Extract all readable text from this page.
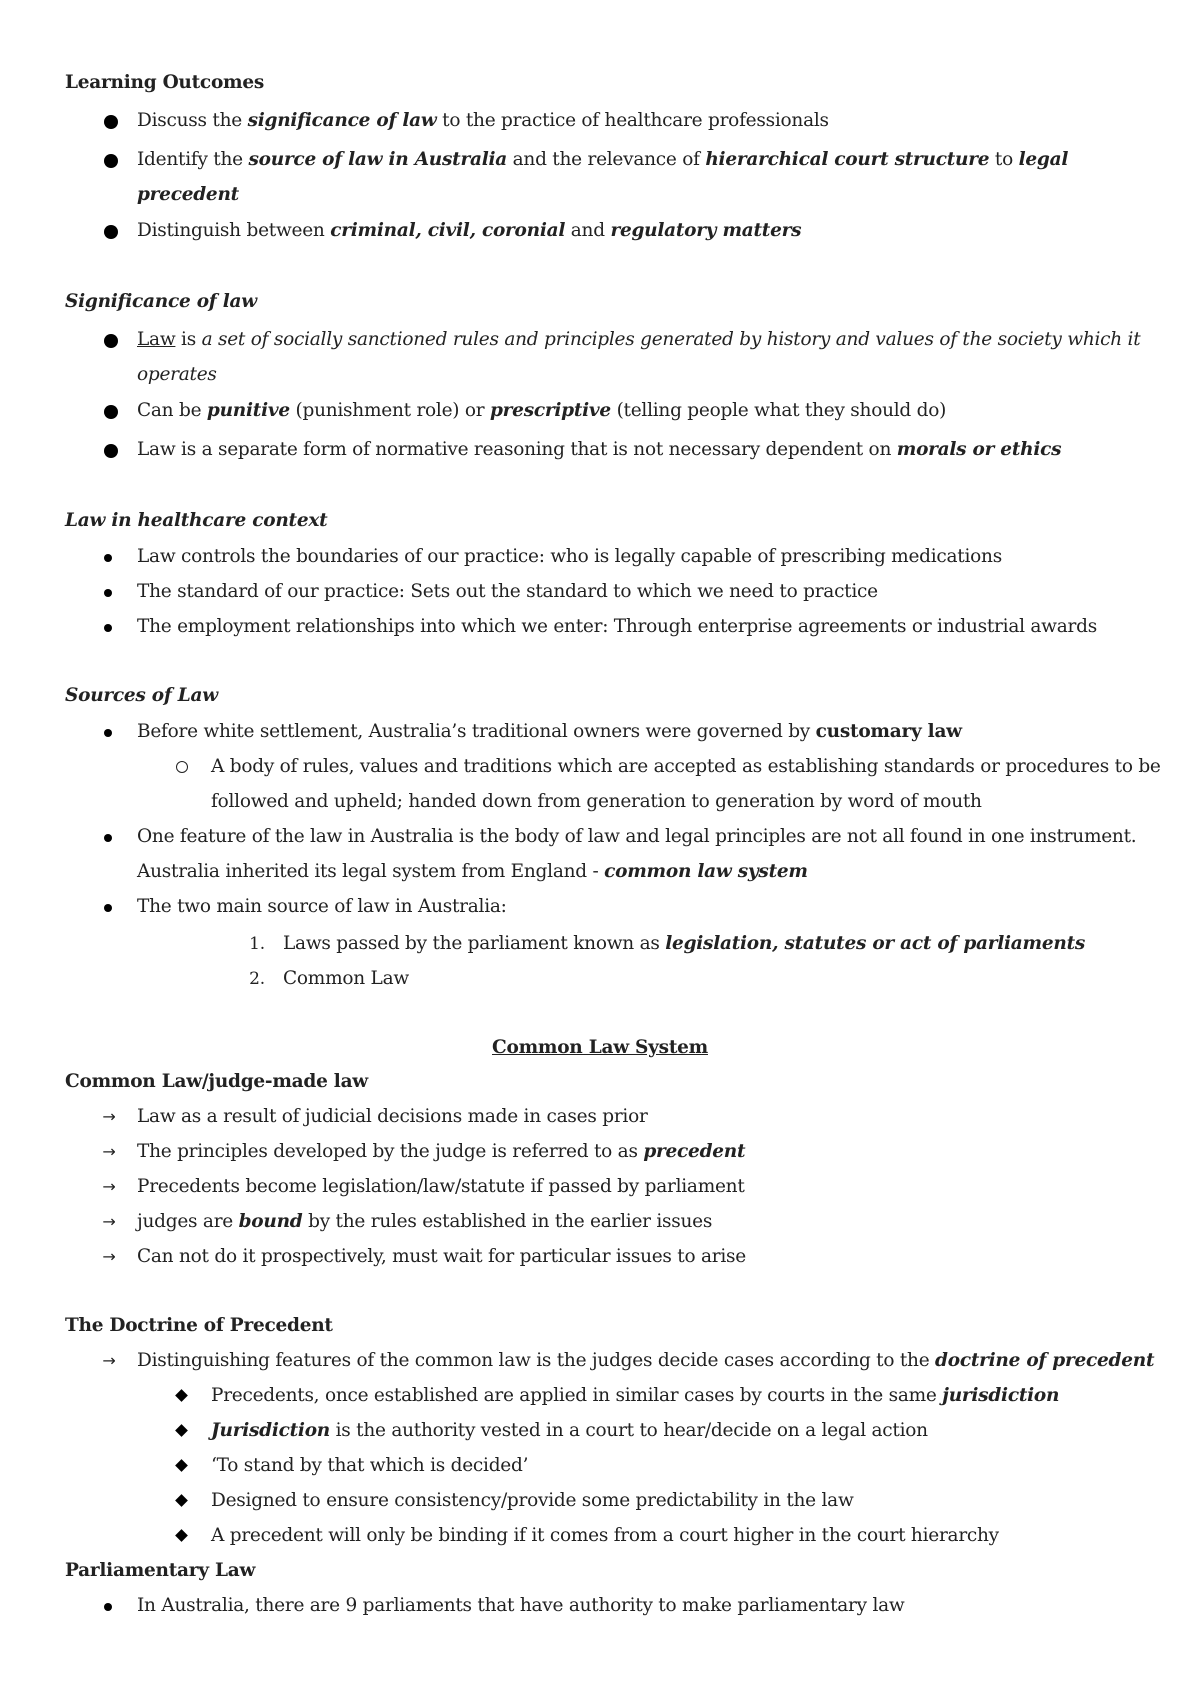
Learning Outcomes
Discuss the significance of law to the practice of healthcare professionals
Identify the source of law in Australia and the relevance of hierarchical court structure to legal
precedent
Distinguish between criminal, civil, coronial and regulatory matters
Significance of law
Law is a set of socially sanctioned rules and principles generated by history and values of the society which it
operates
Can be punitive (punishment role) or prescriptive (telling people what they should do)
Law is a separate form of normative reasoning that is not necessary dependent on morals or ethics
Law in healthcare context
Law controls the boundaries of our practice: who is legally capable of prescribing medications
The standard of our practice: Sets out the standard to which we need to practice
The employment relationships into which we enter: Through enterprise agreements or industrial awards
Sources of Law
Before white settlement, Australia’s traditional owners were governed by customary law
A body of rules, values and traditions which are accepted as establishing standards or procedures to be
followed and upheld; handed down from generation to generation by word of mouth
One feature of the law in Australia is the body of law and legal principles are not all found in one instrument.
Australia inherited its legal system from England - common law system
The two main source of law in Australia:
1. Laws passed by the parliament known as legislation, statutes or act of parliaments
2. Common Law
Common Law System
Common Law/judge-made law
→ Law as a result of judicial decisions made in cases prior
→ The principles developed by the judge is referred to as precedent
→ Precedents become legislation/law/statute if passed by parliament
→ judges are bound by the rules established in the earlier issues
→ Can not do it prospectively, must wait for particular issues to arise
The Doctrine of Precedent
→ Distinguishing features of the common law is the judges decide cases according to the doctrine of precedent
Precedents, once established are applied in similar cases by courts in the same jurisdiction
Jurisdiction is the authority vested in a court to hear/decide on a legal action
‘To stand by that which is decided’
Designed to ensure consistency/provide some predictability in the law
A precedent will only be binding if it comes from a court higher in the court hierarchy
Parliamentary Law
In Australia, there are 9 parliaments that have authority to make parliamentary law
